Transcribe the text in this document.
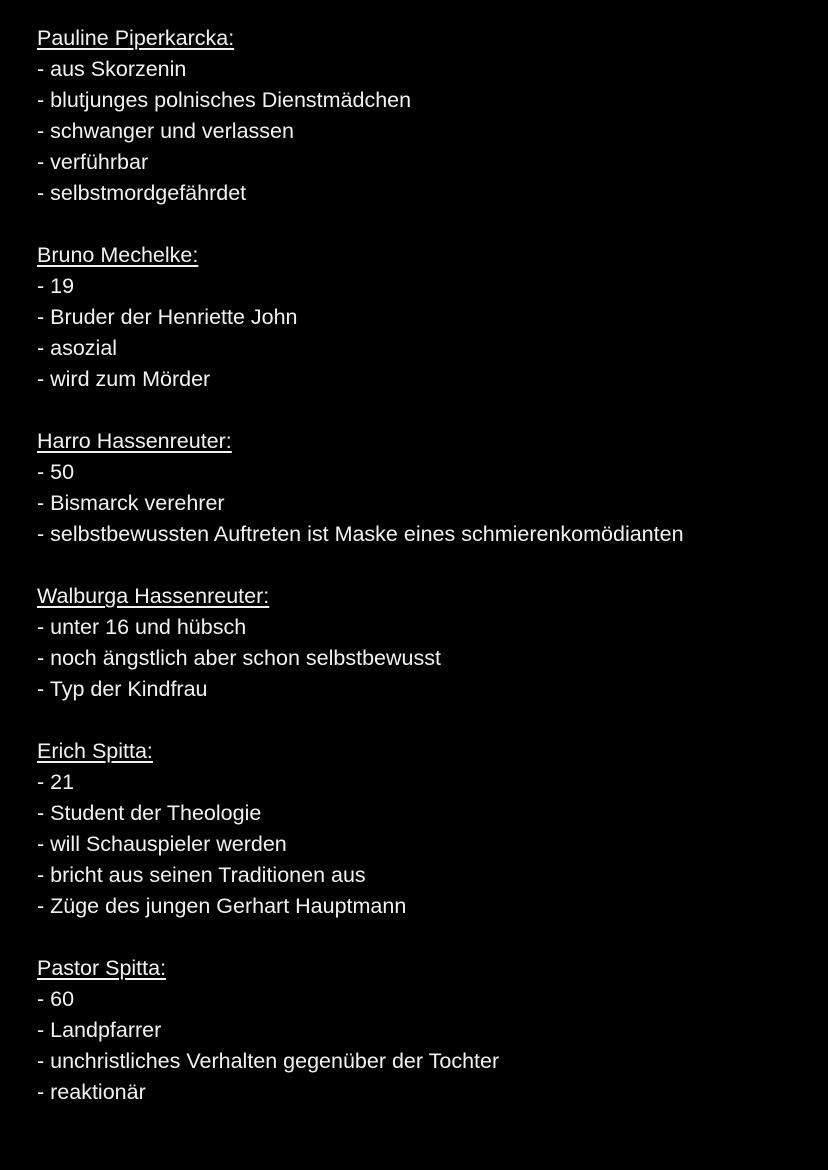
Pauline Piperkarcka:
- aus Skorzenin
- blutjunges polnisches Dienstmädchen
- schwanger und verlassen
- verführbar
- selbstmordgefährdet
Bruno Mechelke:
- 19
- Bruder der Henriette John
- asozial
- wird zum Mörder
Harro Hassenreuter:
- 50
- Bismarck verehrer
- selbstbewussten Auftreten ist Maske eines schmierenkomödianten
Walburga Hassenreuter:
- unter 16 und hübsch
- noch ängstlich aber schon selbstbewusst
- Typ der Kindfrau
Erich Spitta:
- 21
- Student der Theologie
- will Schauspieler werden
- bricht aus seinen Traditionen aus
- Züge des jungen Gerhart Hauptmann
Pastor Spitta:
- 60
- Landpfarrer
- unchristliches Verhalten gegenüber der Tochter
- reaktionär
